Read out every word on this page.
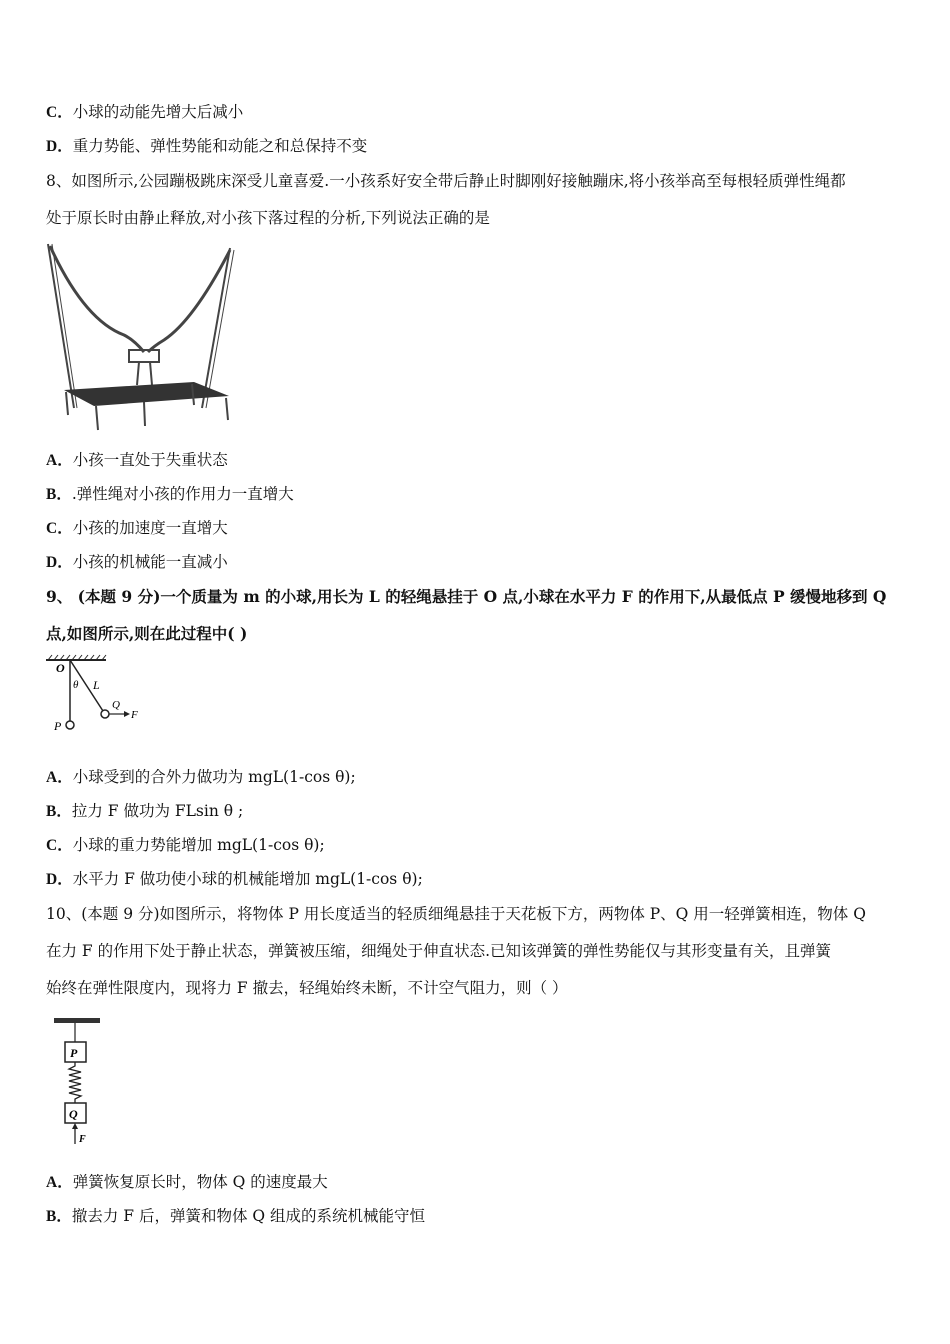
C．小球的动能先增大后减小
D．重力势能、弹性势能和动能之和总保持不变
8、如图所示,公园蹦极跳床深受儿童喜爱.一小孩系好安全带后静止时脚刚好接触蹦床,将小孩举高至每根轻质弹性绳都
处于原长时由静止释放,对小孩下落过程的分析,下列说法正确的是
A．小孩一直处于失重状态
B．.弹性绳对小孩的作用力一直增大
C．小孩的加速度一直增大
D．小孩的机械能一直减小
9、 (本题 9 分)一个质量为 m 的小球,用长为 L 的轻绳悬挂于 O 点,小球在水平力 F 的作用下,从最低点 P 缓慢地移到 Q
点,如图所示,则在此过程中( )
O
θ L
Q
F
P
A．小球受到的合外力做功为 mgL(1-cos θ);
B．拉力 F 做功为 FLsin θ ;
C．小球的重力势能增加 mgL(1-cos θ);
D．水平力 F 做功使小球的机械能增加 mgL(1-cos θ);
10、(本题 9 分)如图所示，将物体 P 用长度适当的轻质细绳悬挂于天花板下方，两物体 P、Q 用一轻弹簧相连，物体 Q
在力 F 的作用下处于静止状态，弹簧被压缩，细绳处于伸直状态.已知该弹簧的弹性势能仅与其形变量有关，且弹簧
始终在弹性限度内，现将力 F 撤去，轻绳始终未断，不计空气阻力，则（ ）
P
Q
F
A．弹簧恢复原长时，物体 Q 的速度最大
B．撤去力 F 后，弹簧和物体 Q 组成的系统机械能守恒
